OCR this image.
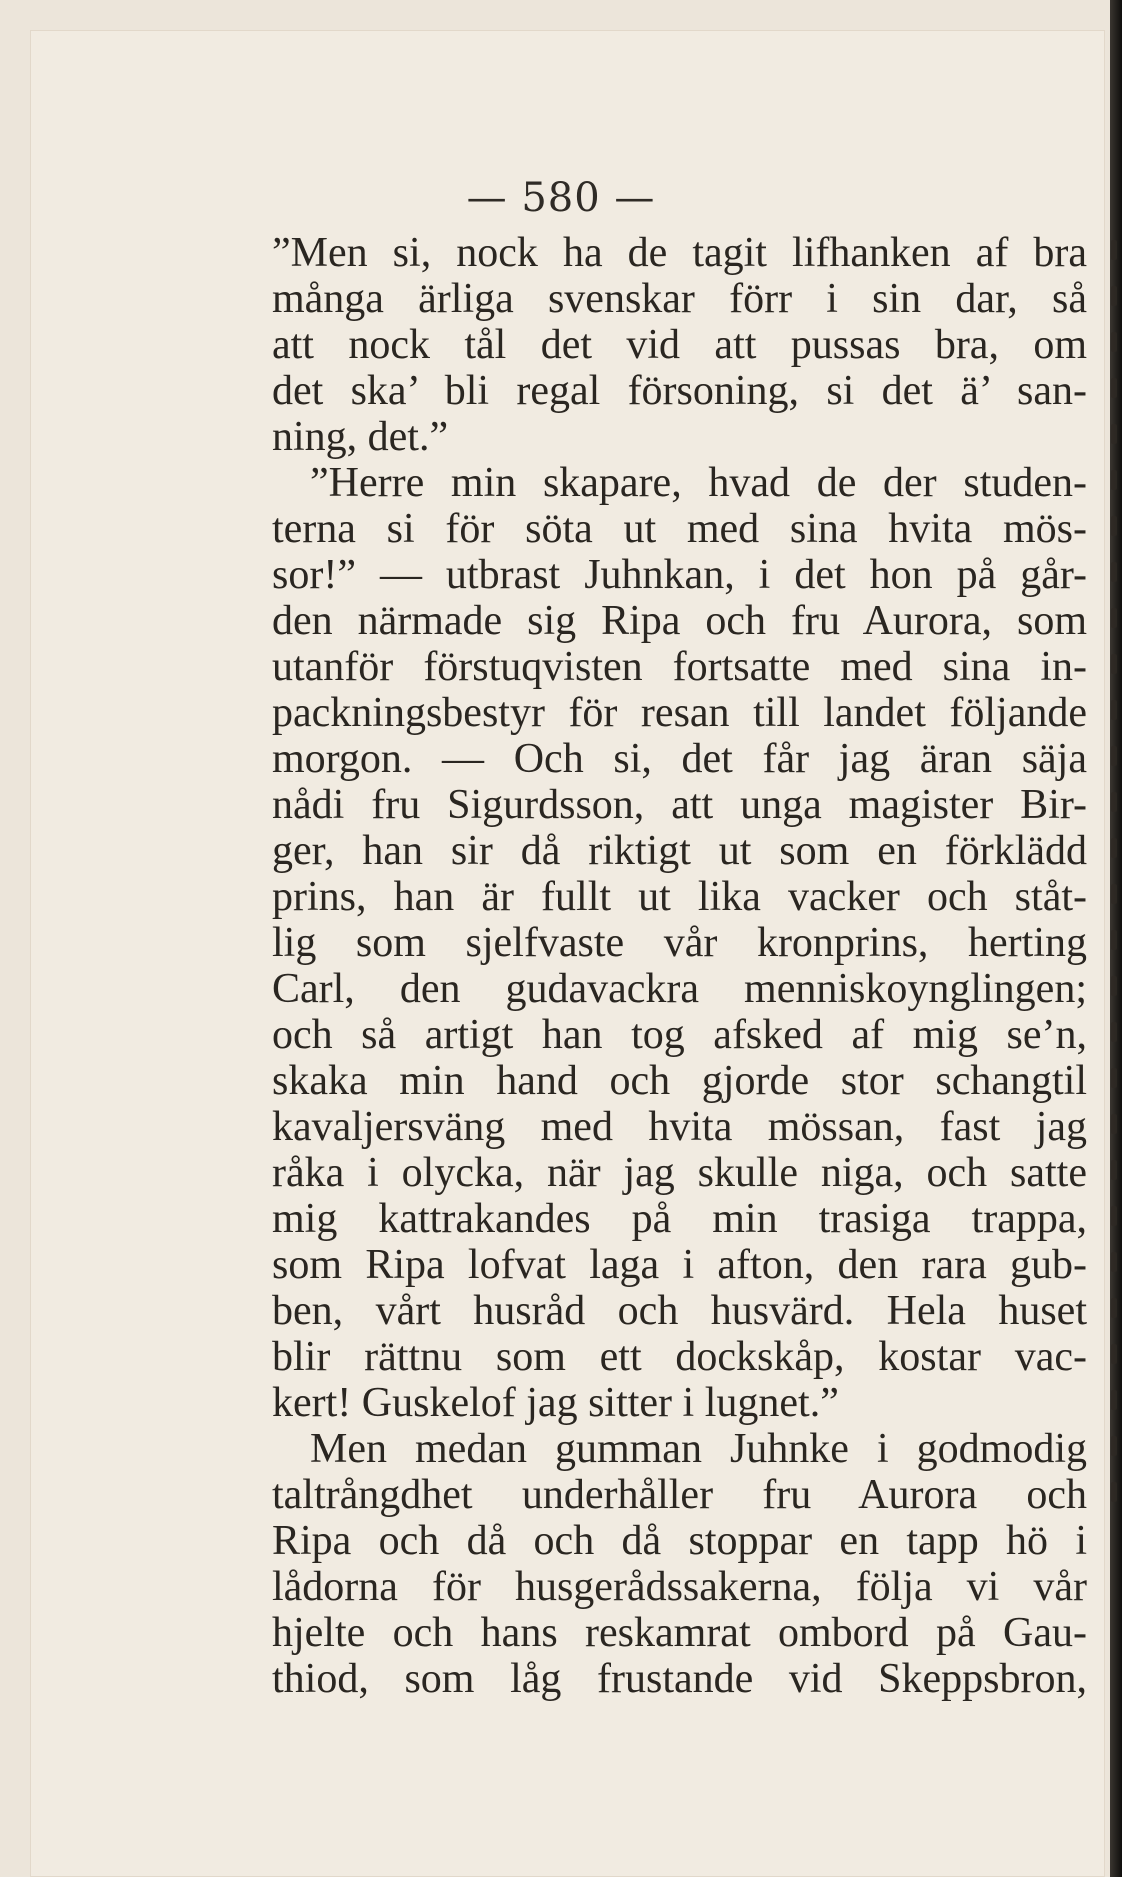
— 580 —
”Men si, nock ha de tagit lifhanken af bra
många ärliga svenskar förr i sin dar, så
att nock tål det vid att pussas bra, om
det ska’ bli regal försoning, si det ä’ san-
ning, det.”
”Herre min skapare, hvad de der studen-
terna si för söta ut med sina hvita mös-
sor!” — utbrast Juhnkan, i det hon på går-
den närmade sig Ripa och fru Aurora, som
utanför förstuqvisten fortsatte med sina in-
packningsbestyr för resan till landet följande
morgon. — Och si, det får jag äran säja
nådi fru Sigurdsson, att unga magister Bir-
ger, han sir då riktigt ut som en förklädd
prins, han är fullt ut lika vacker och ståt-
lig som sjelfvaste vår kronprins, herting
Carl, den gudavackra menniskoynglingen;
och så artigt han tog afsked af mig se’n,
skaka min hand och gjorde stor schangtil
kavaljersväng med hvita mössan, fast jag
råka i olycka, när jag skulle niga, och satte
mig kattrakandes på min trasiga trappa,
som Ripa lofvat laga i afton, den rara gub-
ben, vårt husråd och husvärd. Hela huset
blir rättnu som ett dockskåp, kostar vac-
kert! Guskelof jag sitter i lugnet.”
Men medan gumman Juhnke i godmodig
taltrångdhet underhåller fru Aurora och
Ripa och då och då stoppar en tapp hö i
lådorna för husgerådssakerna, följa vi vår
hjelte och hans reskamrat ombord på Gau-
thiod, som låg frustande vid Skeppsbron,
